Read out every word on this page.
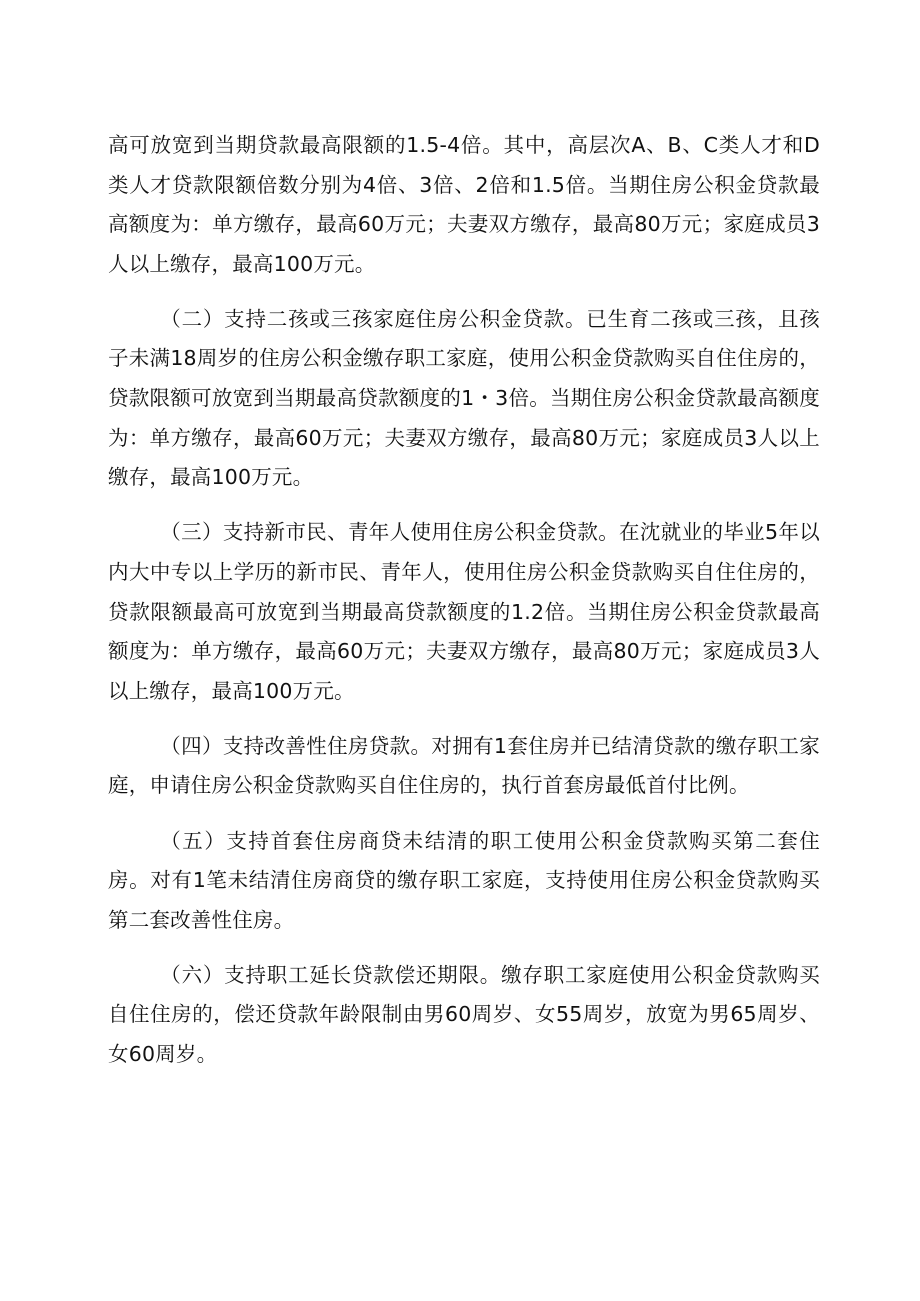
高可放宽到当期贷款最高限额的1.5-4倍。其中，高层次A、B、C类人才和D类人才贷款限额倍数分别为4倍、3倍、2倍和1.5倍。当期住房公积金贷款最高额度为：单方缴存，最高60万元；夫妻双方缴存，最高80万元；家庭成员3人以上缴存，最高100万元。

（二）支持二孩或三孩家庭住房公积金贷款。已生育二孩或三孩，且孩子未满18周岁的住房公积金缴存职工家庭，使用公积金贷款购买自住住房的，贷款限额可放宽到当期最高贷款额度的1・3倍。当期住房公积金贷款最高额度为：单方缴存，最高60万元；夫妻双方缴存，最高80万元；家庭成员3人以上缴存，最高100万元。

（三）支持新市民、青年人使用住房公积金贷款。在沈就业的毕业5年以内大中专以上学历的新市民、青年人，使用住房公积金贷款购买自住住房的，贷款限额最高可放宽到当期最高贷款额度的1.2倍。当期住房公积金贷款最高额度为：单方缴存，最高60万元；夫妻双方缴存，最高80万元；家庭成员3人以上缴存，最高100万元。

（四）支持改善性住房贷款。对拥有1套住房并已结清贷款的缴存职工家庭，申请住房公积金贷款购买自住住房的，执行首套房最低首付比例。

（五）支持首套住房商贷未结清的职工使用公积金贷款购买第二套住房。对有1笔未结清住房商贷的缴存职工家庭，支持使用住房公积金贷款购买第二套改善性住房。

（六）支持职工延长贷款偿还期限。缴存职工家庭使用公积金贷款购买自住住房的，偿还贷款年龄限制由男60周岁、女55周岁，放宽为男65周岁、女60周岁。
